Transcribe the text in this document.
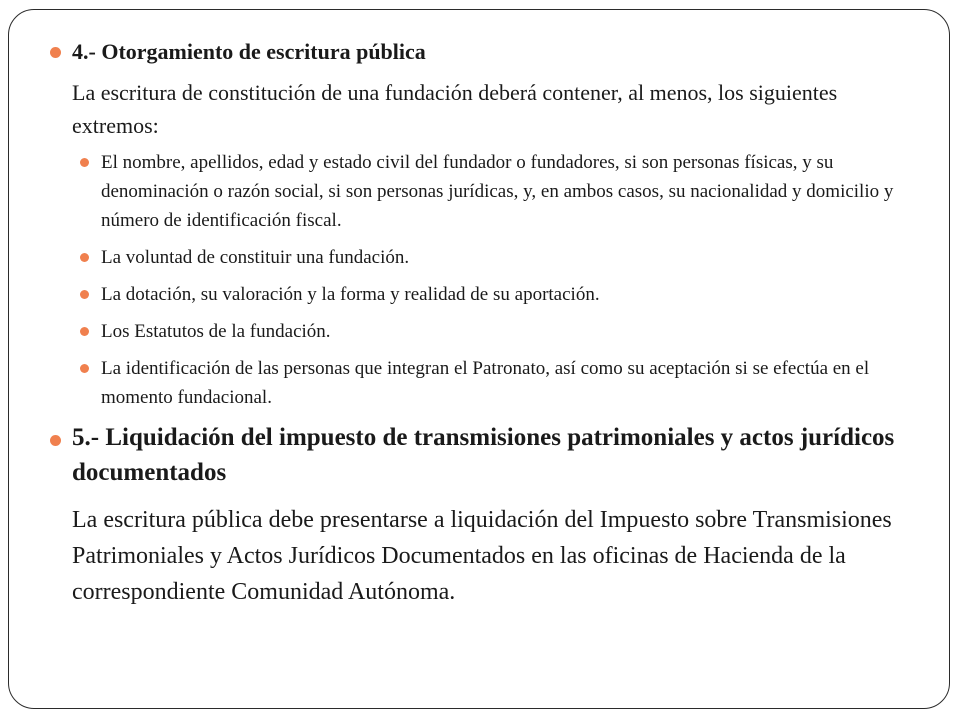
4.- Otorgamiento de escritura pública
La escritura de constitución de una fundación deberá contener, al menos, los siguientes extremos:
El nombre, apellidos, edad y estado civil del fundador o fundadores, si son personas físicas, y su denominación o razón social, si son personas jurídicas, y, en ambos casos, su nacionalidad y domicilio y número de identificación fiscal.
La voluntad de constituir una fundación.
La dotación, su valoración y la forma y realidad de su aportación.
Los Estatutos de la fundación.
La identificación de las personas que integran el Patronato, así como su aceptación si se efectúa en el momento fundacional.
5.- Liquidación del impuesto de transmisiones patrimoniales y actos jurídicos documentados
La escritura pública debe presentarse a liquidación del Impuesto sobre Transmisiones Patrimoniales y Actos Jurídicos Documentados en las oficinas de Hacienda de la correspondiente Comunidad Autónoma.
